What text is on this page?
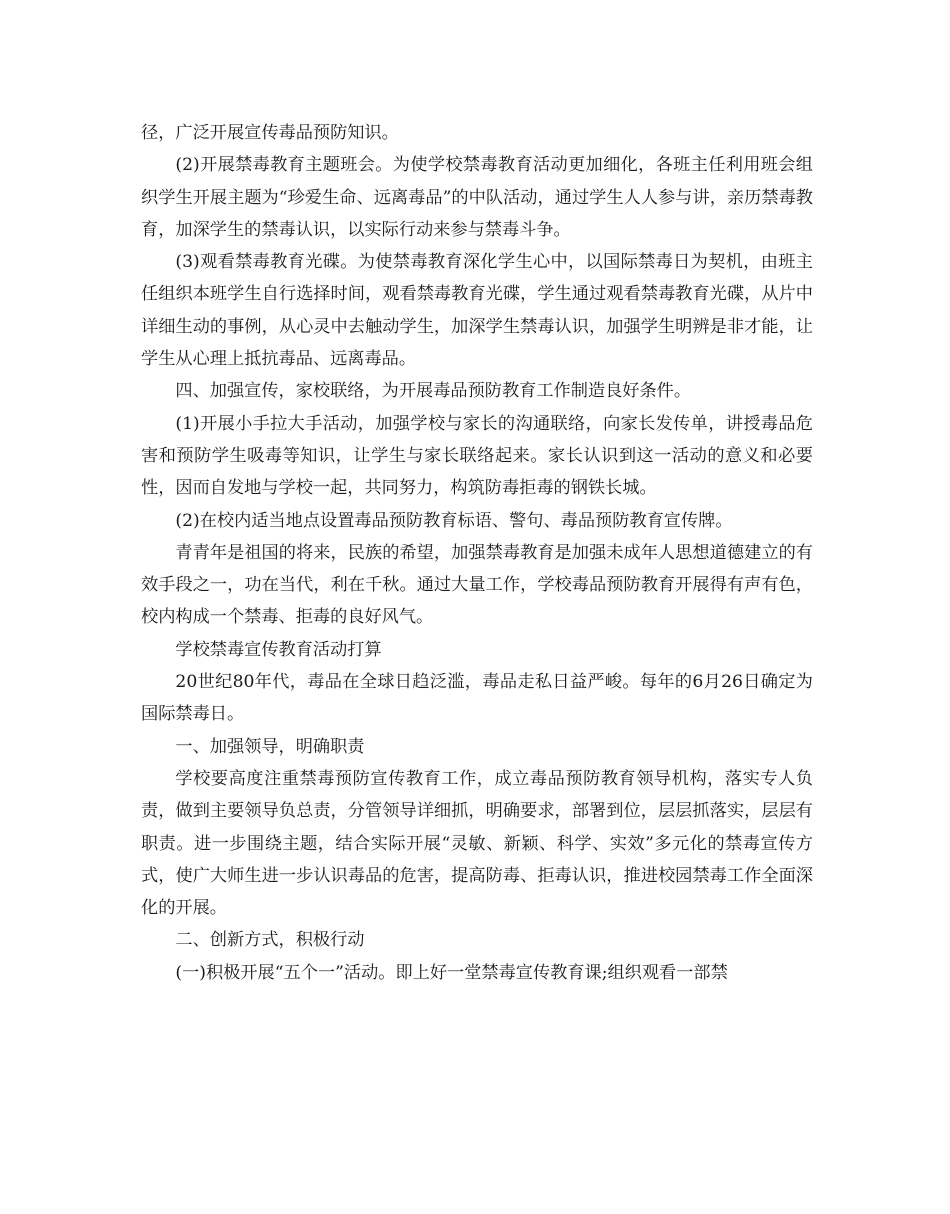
径，广泛开展宣传毒品预防知识。

(2)开展禁毒教育主题班会。为使学校禁毒教育活动更加细化，各班主任利用班会组织学生开展主题为“珍爱生命、远离毒品”的中队活动，通过学生人人参与讲，亲历禁毒教育，加深学生的禁毒认识，以实际行动来参与禁毒斗争。

(3)观看禁毒教育光碟。为使禁毒教育深化学生心中，以国际禁毒日为契机，由班主任组织本班学生自行选择时间，观看禁毒教育光碟，学生通过观看禁毒教育光碟，从片中详细生动的事例，从心灵中去触动学生，加深学生禁毒认识，加强学生明辨是非才能，让学生从心理上抵抗毒品、远离毒品。

四、加强宣传，家校联络，为开展毒品预防教育工作制造良好条件。

(1)开展小手拉大手活动，加强学校与家长的沟通联络，向家长发传单，讲授毒品危害和预防学生吸毒等知识，让学生与家长联络起来。家长认识到这一活动的意义和必要性，因而自发地与学校一起，共同努力，构筑防毒拒毒的钢铁长城。

(2)在校内适当地点设置毒品预防教育标语、警句、毒品预防教育宣传牌。

青青年是祖国的将来，民族的希望，加强禁毒教育是加强未成年人思想道德建立的有效手段之一，功在当代，利在千秋。通过大量工作，学校毒品预防教育开展得有声有色，校内构成一个禁毒、拒毒的良好风气。

学校禁毒宣传教育活动打算

20世纪80年代，毒品在全球日趋泛滥，毒品走私日益严峻。每年的6月26日确定为国际禁毒日。

一、加强领导，明确职责

学校要高度注重禁毒预防宣传教育工作，成立毒品预防教育领导机构，落实专人负责，做到主要领导负总责，分管领导详细抓，明确要求，部署到位，层层抓落实，层层有职责。进一步围绕主题，结合实际开展“灵敏、新颖、科学、实效”多元化的禁毒宣传方式，使广大师生进一步认识毒品的危害，提高防毒、拒毒认识，推进校园禁毒工作全面深化的开展。

二、创新方式，积极行动

(一)积极开展“五个一”活动。即上好一堂禁毒宣传教育课;组织观看一部禁
